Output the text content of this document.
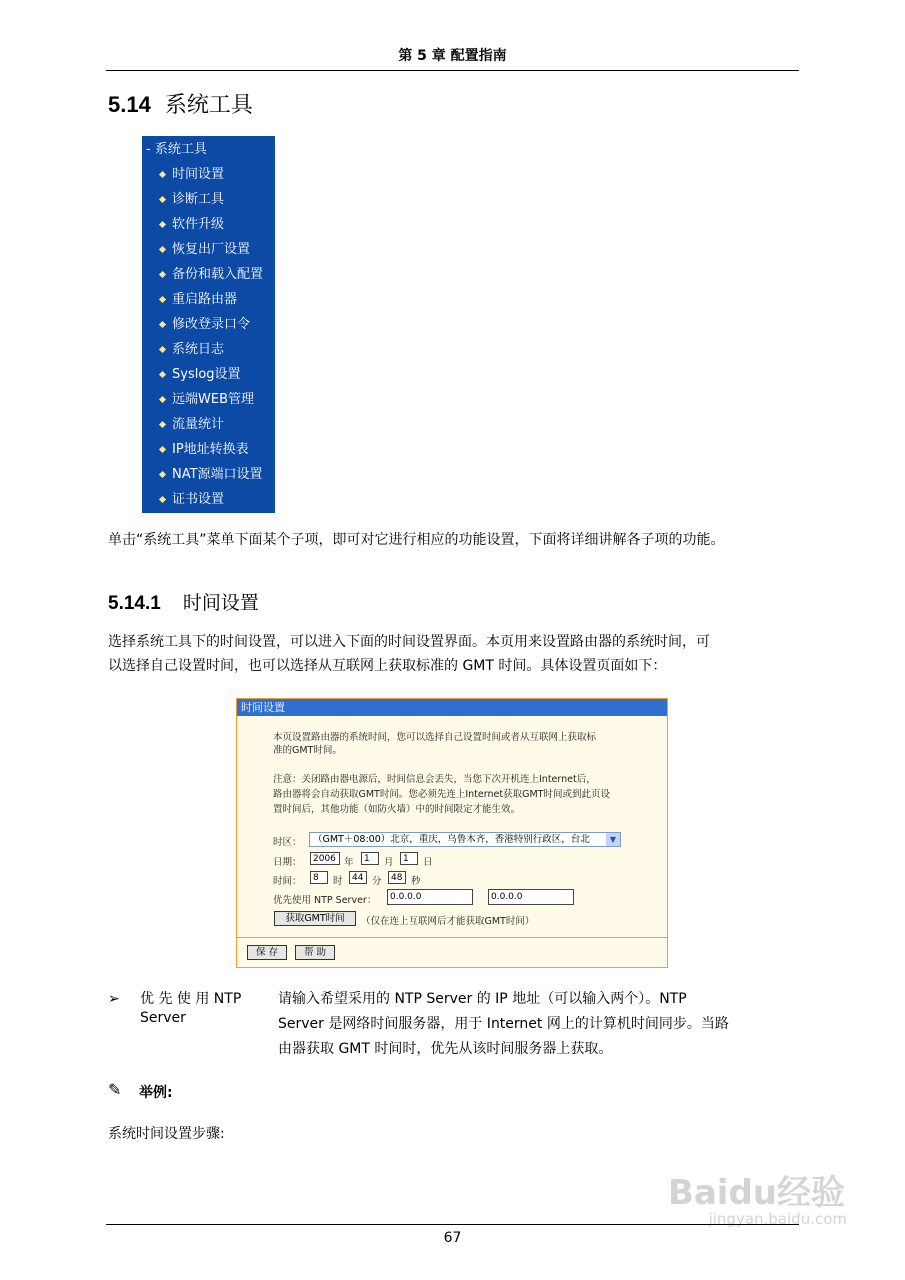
第 5 章 配置指南
5.14 系统工具
- 系统工具
时间设置
诊断工具
软件升级
恢复出厂设置
备份和载入配置
重启路由器
修改登录口令
系统日志
Syslog设置
远端WEB管理
流量统计
IP地址转换表
NAT源端口设置
证书设置
单击“系统工具”菜单下面某个子项，即可对它进行相应的功能设置，下面将详细讲解各子项的功能。
5.14.1 时间设置
选择系统工具下的时间设置，可以进入下面的时间设置界面。本页用来设置路由器的系统时间，可
以选择自己设置时间，也可以选择从互联网上获取标准的 GMT 时间。具体设置页面如下：
时间设置
本页设置路由器的系统时间，您可以选择自己设置时间或者从互联网上获取标
准的GMT时间。
注意：关闭路由器电源后，时间信息会丢失，当您下次开机连上Internet后，
路由器将会自动获取GMT时间。您必须先连上Internet获取GMT时间或到此页设
置时间后，其他功能（如防火墙）中的时间限定才能生效。
时区：	（GMT＋08:00）北京，重庆，乌鲁木齐，香港特别行政区，台北	▼
日期：	2006 年	1	月	1	日
时间：	8	时	44 分	48 秒
优先使用 NTP Server：	0.0.0.0	0.0.0.0
获取GMT时间	（仅在连上互联网后才能获取GMT时间）
保 存	帮 助
➢ 优 先 使 用 NTP
Server
请输入希望采用的 NTP Server 的 IP 地址（可以输入两个）。NTP
Server 是网络时间服务器，用于 Internet 网上的计算机时间同步。当路
由器获取 GMT 时间时，优先从该时间服务器上获取。
✎ 举例:
系统时间设置步骤:
Baidu经验
jingyan.baidu.com
67
